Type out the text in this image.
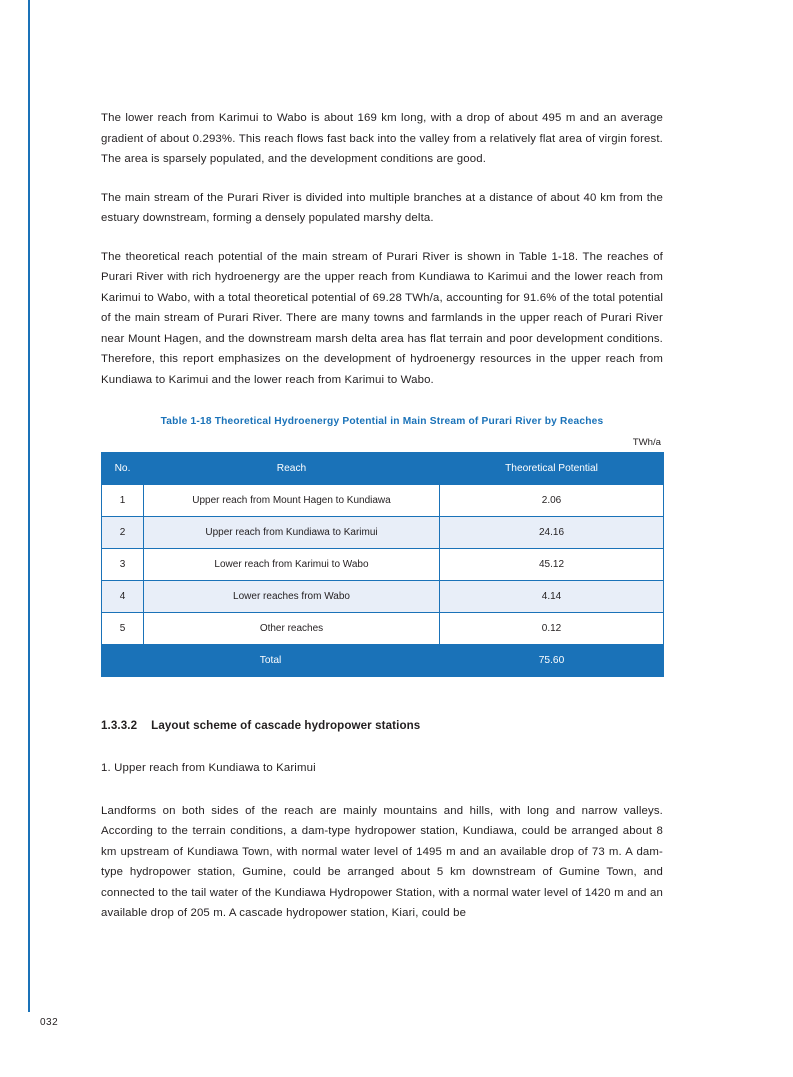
The lower reach from Karimui to Wabo is about 169 km long, with a drop of about 495 m and an average gradient of about 0.293%. This reach flows fast back into the valley from a relatively flat area of virgin forest. The area is sparsely populated, and the development conditions are good.

The main stream of the Purari River is divided into multiple branches at a distance of about 40 km from the estuary downstream, forming a densely populated marshy delta.

The theoretical reach potential of the main stream of Purari River is shown in Table 1-18. The reaches of Purari River with rich hydroenergy are the upper reach from Kundiawa to Karimui and the lower reach from Karimui to Wabo, with a total theoretical potential of 69.28 TWh/a, accounting for 91.6% of the total potential of the main stream of Purari River. There are many towns and farmlands in the upper reach of Purari River near Mount Hagen, and the downstream marsh delta area has flat terrain and poor development conditions. Therefore, this report emphasizes on the development of hydroenergy resources in the upper reach from Kundiawa to Karimui and the lower reach from Karimui to Wabo.

Table 1-18 Theoretical Hydroenergy Potential in Main Stream of Purari River by Reaches
TWh/a
No.	Reach	Theoretical Potential
1	Upper reach from Mount Hagen to Kundiawa	2.06
2	Upper reach from Kundiawa to Karimui	24.16
3	Lower reach from Karimui to Wabo	45.12
4	Lower reaches from Wabo	4.14
5	Other reaches	0.12
Total		75.60
1.3.3.2 Layout scheme of cascade hydropower stations

1. Upper reach from Kundiawa to Karimui

Landforms on both sides of the reach are mainly mountains and hills, with long and narrow valleys. According to the terrain conditions, a dam-type hydropower station, Kundiawa, could be arranged about 8 km upstream of Kundiawa Town, with normal water level of 1495 m and an available drop of 73 m. A dam-type hydropower station, Gumine, could be arranged about 5 km downstream of Gumine Town, and connected to the tail water of the Kundiawa Hydropower Station, with a normal water level of 1420 m and an available drop of 205 m. A cascade hydropower station, Kiari, could be

032
